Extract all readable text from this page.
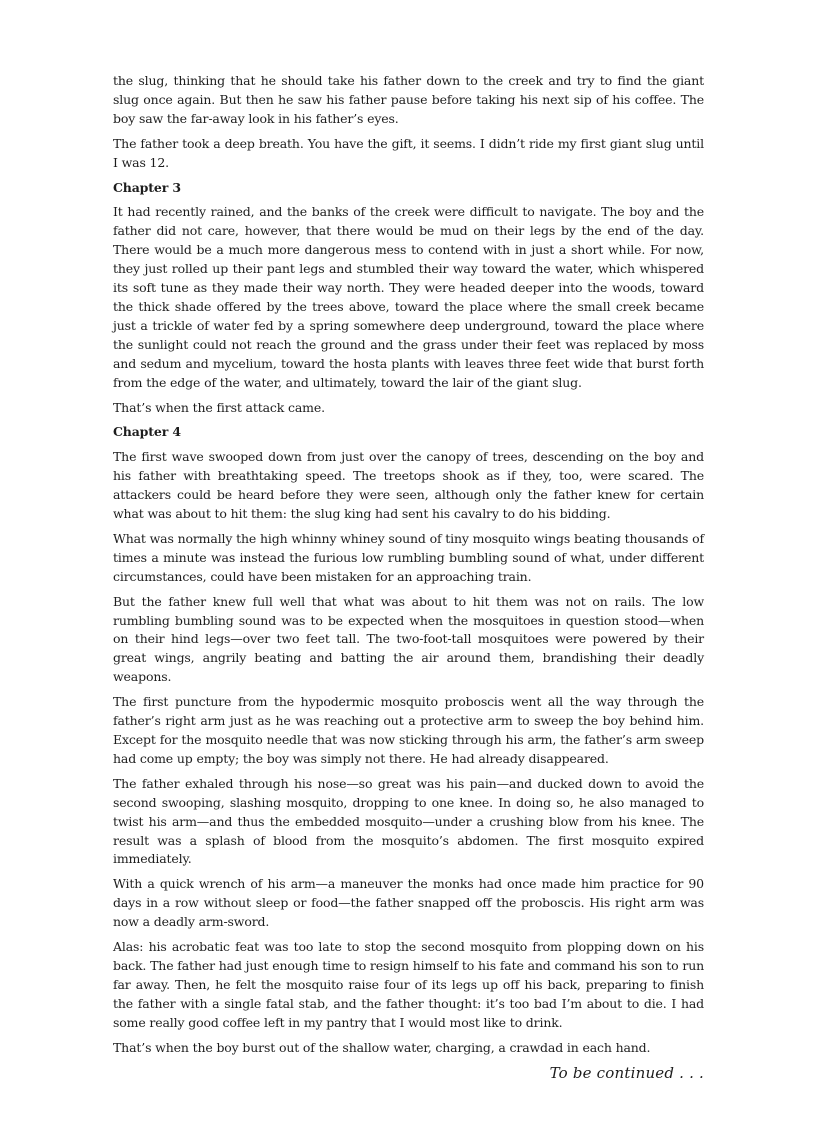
the slug, thinking that he should take his father down to the creek and try to find the giant slug once again. But then he saw his father pause before taking his next sip of his coffee. The boy saw the far-away look in his father’s eyes.

The father took a deep breath. You have the gift, it seems. I didn’t ride my first giant slug until I was 12.

Chapter 3

It had recently rained, and the banks of the creek were difficult to navigate. The boy and the father did not care, however, that there would be mud on their legs by the end of the day. There would be a much more dangerous mess to contend with in just a short while. For now, they just rolled up their pant legs and stumbled their way toward the water, which whispered its soft tune as they made their way north. They were headed deeper into the woods, toward the thick shade offered by the trees above, toward the place where the small creek became just a trickle of water fed by a spring somewhere deep underground, toward the place where the sunlight could not reach the ground and the grass under their feet was replaced by moss and sedum and mycelium, toward the hosta plants with leaves three feet wide that burst forth from the edge of the water, and ultimately, toward the lair of the giant slug.

That’s when the first attack came.

Chapter 4

The first wave swooped down from just over the canopy of trees, descending on the boy and his father with breathtaking speed. The treetops shook as if they, too, were scared. The attackers could be heard before they were seen, although only the father knew for certain what was about to hit them: the slug king had sent his cavalry to do his bidding.

What was normally the high whinny whiney sound of tiny mosquito wings beating thousands of times a minute was instead the furious low rumbling bumbling sound of what, under different circumstances, could have been mistaken for an approaching train.

But the father knew full well that what was about to hit them was not on rails. The low rumbling bumbling sound was to be expected when the mosquitoes in question stood—when on their hind legs—over two feet tall. The two-foot-tall mosquitoes were powered by their great wings, angrily beating and batting the air around them, brandishing their deadly weapons.

The first puncture from the hypodermic mosquito proboscis went all the way through the father’s right arm just as he was reaching out a protective arm to sweep the boy behind him. Except for the mosquito needle that was now sticking through his arm, the father’s arm sweep had come up empty; the boy was simply not there. He had already disappeared.

The father exhaled through his nose—so great was his pain—and ducked down to avoid the second swooping, slashing mosquito, dropping to one knee. In doing so, he also managed to twist his arm—and thus the embedded mosquito—under a crushing blow from his knee. The result was a splash of blood from the mosquito’s abdomen. The first mosquito expired immediately.

With a quick wrench of his arm—a maneuver the monks had once made him practice for 90 days in a row without sleep or food—the father snapped off the proboscis. His right arm was now a deadly arm-sword.

Alas: his acrobatic feat was too late to stop the second mosquito from plopping down on his back. The father had just enough time to resign himself to his fate and command his son to run far away. Then, he felt the mosquito raise four of its legs up off his back, preparing to finish the father with a single fatal stab, and the father thought: it’s too bad I’m about to die. I had some really good coffee left in my pantry that I would most like to drink.

That’s when the boy burst out of the shallow water, charging, a crawdad in each hand.

To be continued . . .
